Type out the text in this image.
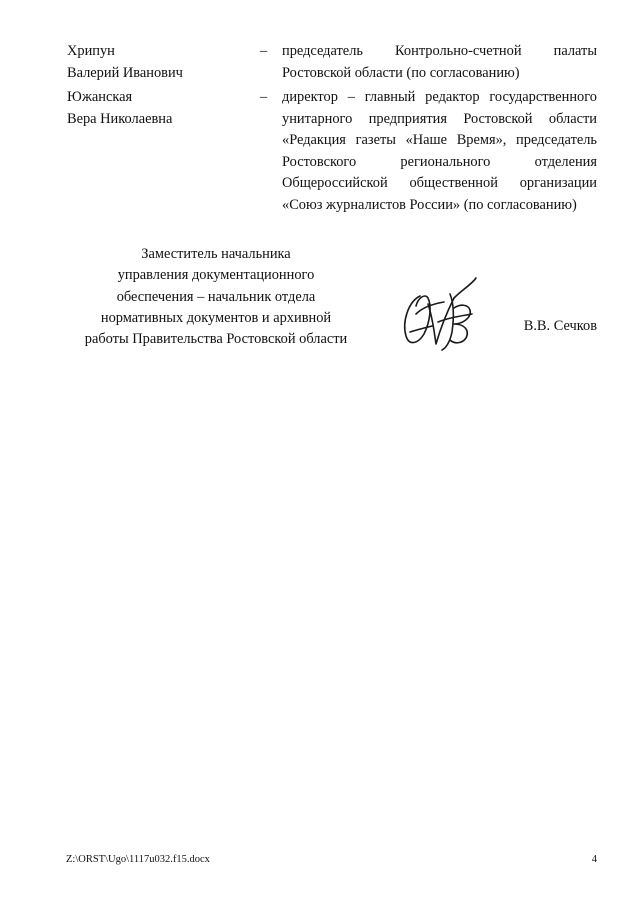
Хрипун
Валерий Иванович
–	председатель Контрольно-счетной палаты
Ростовской области (по согласованию)
Южанская
Вера Николаевна
–	директор – главный редактор государственного
унитарного предприятия Ростовской области
«Редакция газеты «Наше Время», председатель
Ростовского регионального отделения
Общероссийской общественной организации
«Союз журналистов России» (по согласованию)
Заместитель начальника
управления документационного
обеспечения – начальник отдела
нормативных документов и архивной
работы Правительства Ростовской области
В.В. Сечков
Z:\ORST\Ugo\1117u032.f15.docx	4
